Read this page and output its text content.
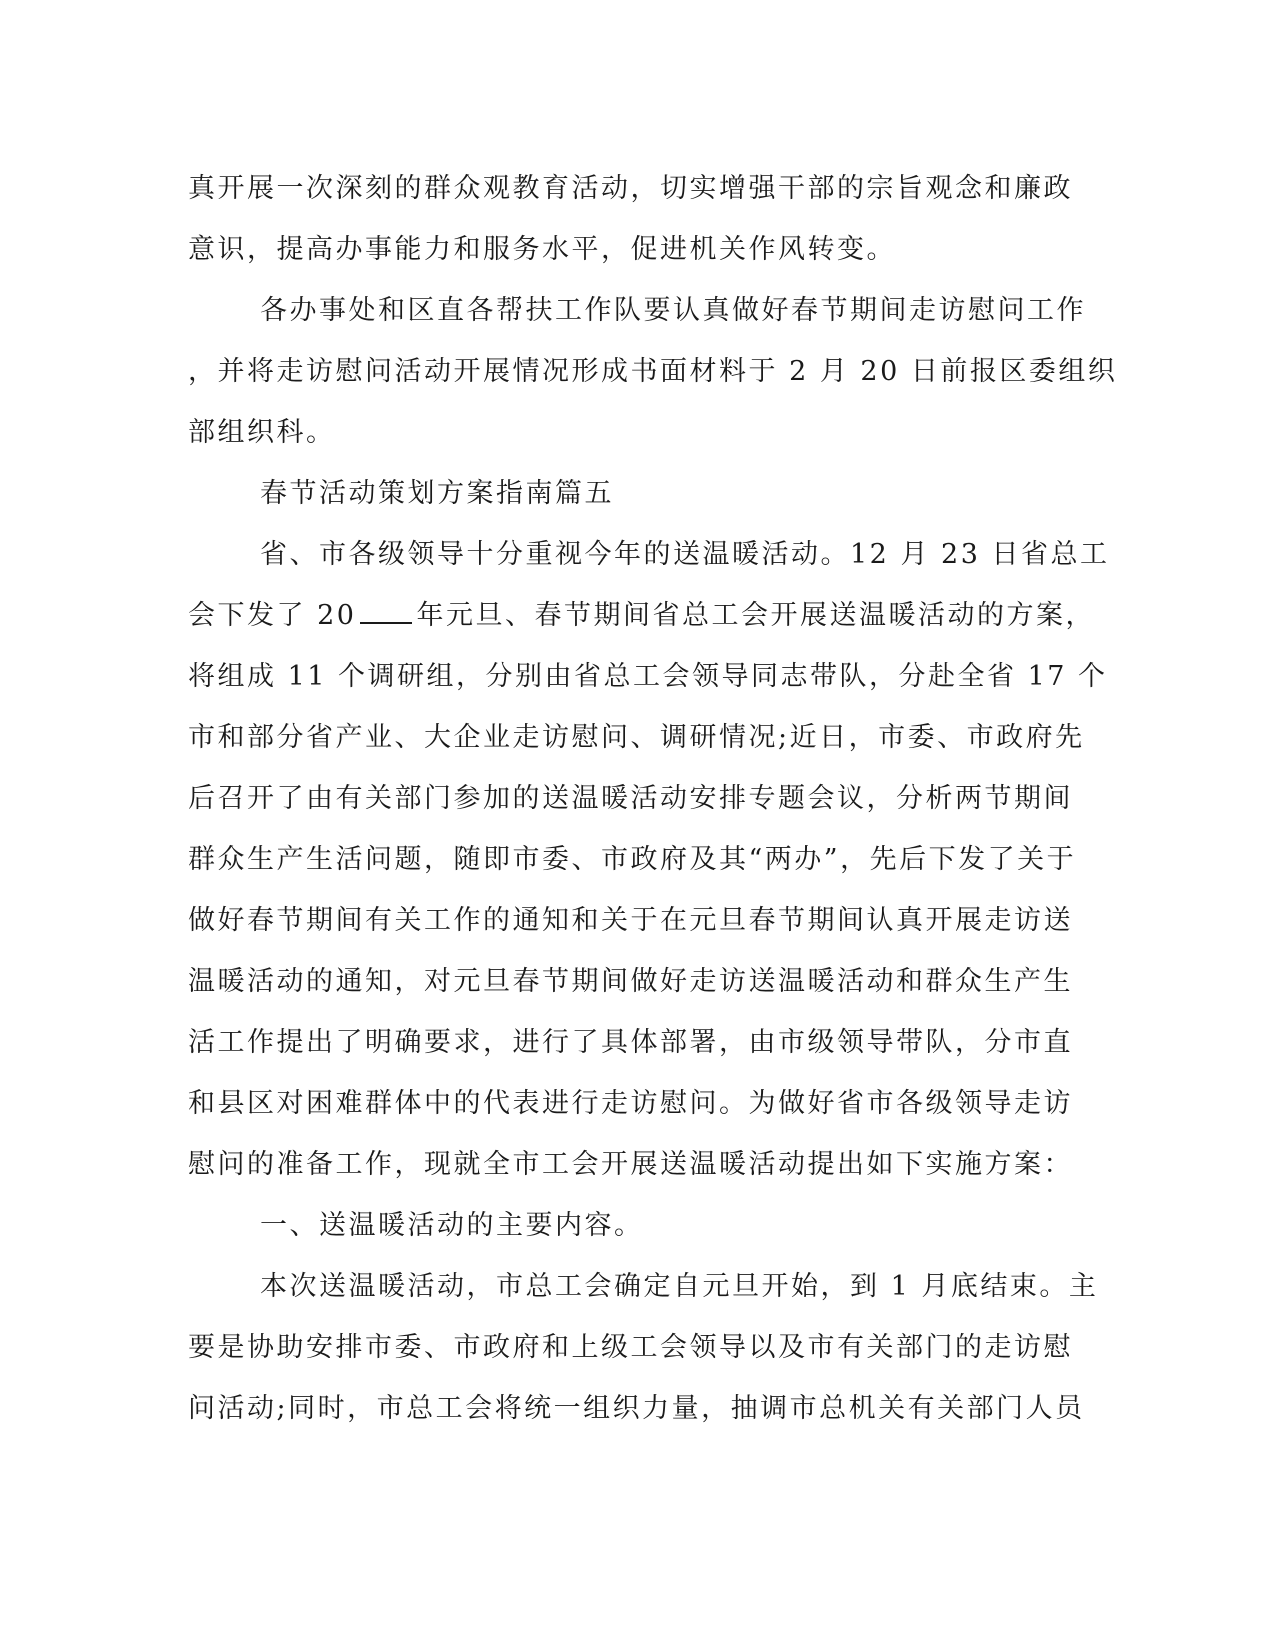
真开展一次深刻的群众观教育活动，切实增强干部的宗旨观念和廉政
意识，提高办事能力和服务水平，促进机关作风转变。
各办事处和区直各帮扶工作队要认真做好春节期间走访慰问工作
，并将走访慰问活动开展情况形成书面材料于 2 月 20 日前报区委组织
部组织科。
春节活动策划方案指南篇五
省、市各级领导十分重视今年的送温暖活动。12 月 23 日省总工
会下发了 20 年元旦、春节期间省总工会开展送温暖活动的方案，
将组成 11 个调研组，分别由省总工会领导同志带队，分赴全省 17 个
市和部分省产业、大企业走访慰问、调研情况;近日，市委、市政府先
后召开了由有关部门参加的送温暖活动安排专题会议，分析两节期间
群众生产生活问题，随即市委、市政府及其“两办”，先后下发了关于
做好春节期间有关工作的通知和关于在元旦春节期间认真开展走访送
温暖活动的通知，对元旦春节期间做好走访送温暖活动和群众生产生
活工作提出了明确要求，进行了具体部署，由市级领导带队，分市直
和县区对困难群体中的代表进行走访慰问。为做好省市各级领导走访
慰问的准备工作，现就全市工会开展送温暖活动提出如下实施方案：
一、送温暖活动的主要内容。
本次送温暖活动，市总工会确定自元旦开始，到 1 月底结束。主
要是协助安排市委、市政府和上级工会领导以及市有关部门的走访慰
问活动;同时，市总工会将统一组织力量，抽调市总机关有关部门人员
